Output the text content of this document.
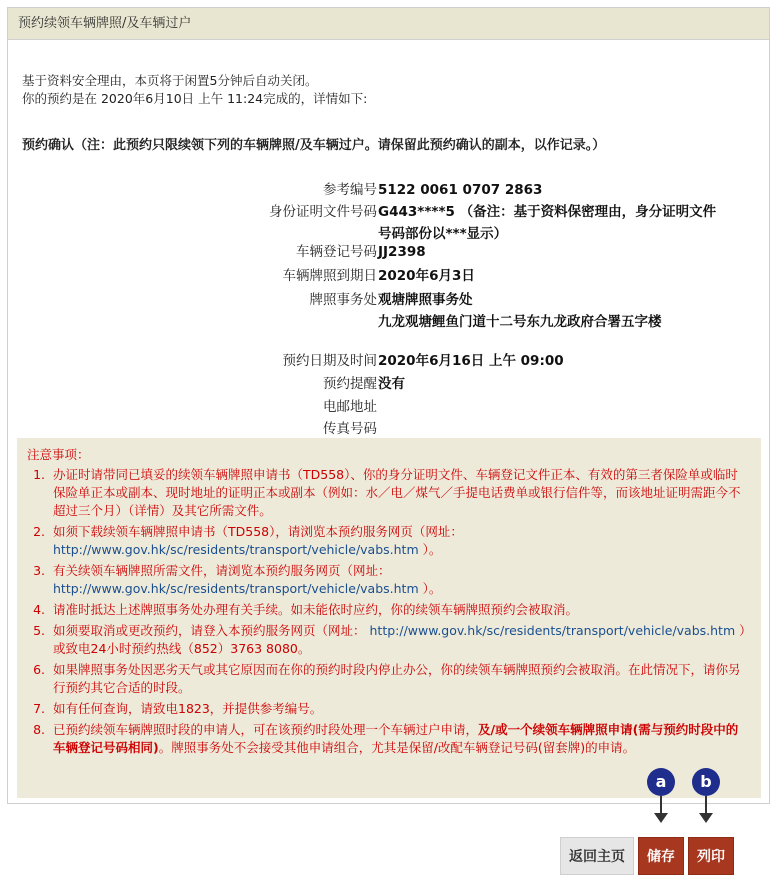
预约续领车辆牌照/及车辆过户
基于资料安全理由，本页将于闲置5分钟后自动关闭。
你的预约是在 2020年6月10日 上午 11:24完成的，详情如下:
预约确认（注：此预约只限续领下列的车辆牌照/及车辆过户。请保留此预约确认的副本，以作记录。）
参考编号 5122 0061 0707 2863
身份证明文件号码 G443****5 （备注：基于资料保密理由，身分证明文件号码部份以***显示）
车辆登记号码 JJ2398
车辆牌照到期日 2020年6月3日
牌照事务处 观塘牌照事务处
九龙观塘鲤鱼门道十二号东九龙政府合署五字楼
预约日期及时间 2020年6月16日 上午 09:00
预约提醒 没有
电邮地址
传真号码
注意事项：
1. 办证时请带同已填妥的续领车辆牌照申请书（TD558）、你的身分证明文件、车辆登记文件正本、有效的第三者保险单或临时保险单正本或副本、现时地址的证明正本或副本（例如：水／电／煤气／手提电话费单或银行信件等，而该地址证明需距今不超过三个月）（详情）及其它所需文件。
2. 如须下载续领车辆牌照申请书（TD558），请浏览本预约服务网页（网址： http://www.gov.hk/sc/residents/transport/vehicle/vabs.htm ）。
3. 有关续领车辆牌照所需文件，请浏览本预约服务网页（网址： http://www.gov.hk/sc/residents/transport/vehicle/vabs.htm ）。
4. 请准时抵达上述牌照事务处办理有关手续。如未能依时应约，你的续领车辆牌照预约会被取消。
5. 如须要取消或更改预约，请登入本预约服务网页（网址： http://www.gov.hk/sc/residents/transport/vehicle/vabs.htm ）或致电24小时预约热线（852）3763 8080。
6. 如果牌照事务处因恶劣天气或其它原因而在你的预约时段内停止办公，你的续领车辆牌照预约会被取消。在此情况下，请你另行预约其它合适的时段。
7. 如有任何查询，请致电1823，并提供参考编号。
8. 已预约续领车辆牌照时段的申请人，可在该预约时段处理一个车辆过户申请，及/或一个续领车辆牌照申请(需与预约时段中的车辆登记号码相同)。牌照事务处不会接受其他申请组合，尤其是保留/改配车辆登记号码(留套牌)的申请。
a	b
返回主页	储存	列印
